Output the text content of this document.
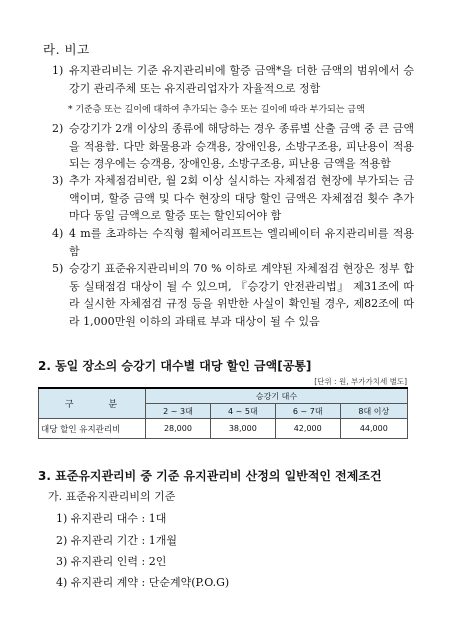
라. 비고
1) 유지관리비는 기준 유지관리비에 할증 금액*을 더한 금액의 범위에서 승강기 관리주체 또는 유지관리업자가 자율적으로 정함
* 기준층 또는 길이에 대하여 추가되는 층수 또는 길이에 따라 부가되는 금액
2) 승강기가 2개 이상의 종류에 해당하는 경우 종류별 산출 금액 중 큰 금액을 적용함. 다만 화물용과 승객용, 장애인용, 소방구조용, 피난용이 적용되는 경우에는 승객용, 장애인용, 소방구조용, 피난용 금액을 적용함
3) 추가 자체점검비란, 월 2회 이상 실시하는 자체점검 현장에 부가되는 금액이며, 할증 금액 및 다수 현장의 대당 할인 금액은 자체점검 횟수 추가마다 동일 금액으로 할증 또는 할인되어야 함
4) 4 m를 초과하는 수직형 휠체어리프트는 엘리베이터 유지관리비를 적용함
5) 승강기 표준유지관리비의 70 % 이하로 계약된 자체점검 현장은 정부 합동 실태점검 대상이 될 수 있으며, 『승강기 안전관리법』 제31조에 따라 실시한 자체점검 규정 등을 위반한 사실이 확인될 경우, 제82조에 따라 1,000만원 이하의 과태료 부과 대상이 될 수 있음
2. 동일 장소의 승강기 대수별 대당 할인 금액[공통]
[단위 : 원, 부가가치세 별도]
구 분	승강기 대수			
	2 ~ 3대	4 ~ 5대	6 ~ 7대	8대 이상
대당 할인 유지관리비	28,000	38,000	42,000	44,000
3. 표준유지관리비 중 기준 유지관리비 산정의 일반적인 전제조건
가. 표준유지관리비의 기준
1) 유지관리 대수 : 1대
2) 유지관리 기간 : 1개월
3) 유지관리 인력 : 2인
4) 유지관리 계약 : 단순계약(P.O.G)
